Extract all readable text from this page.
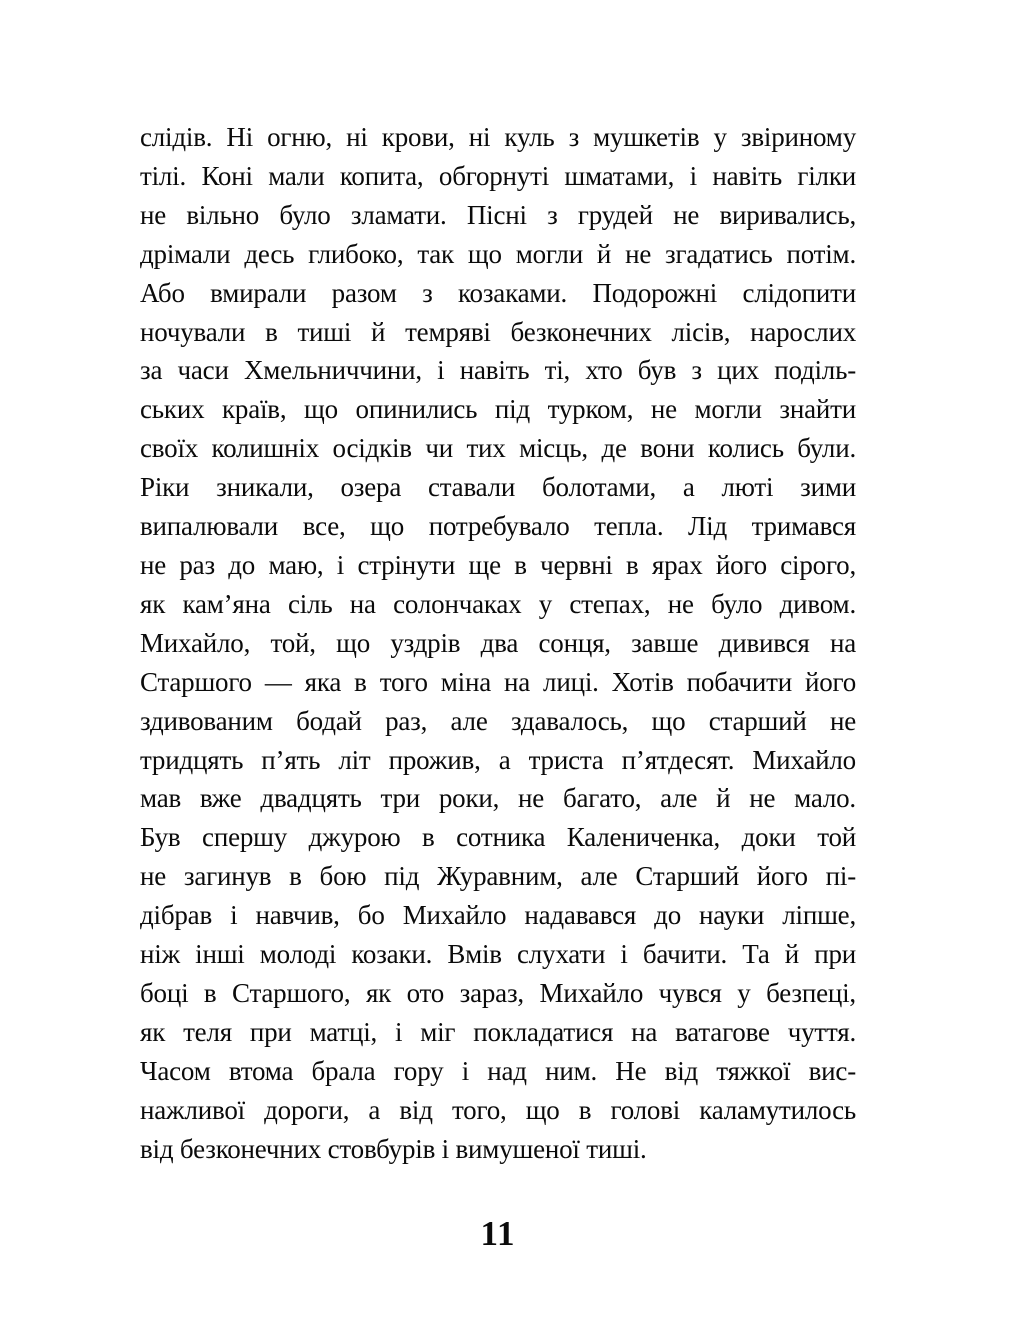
слідів. Ні огню, ні крови, ні куль з мушкетів у звіриному
тілі. Коні мали копита, обгорнуті шматами, і навіть гілки
не вільно було зламати. Пісні з грудей не виривались,
дрімали десь глибоко, так що могли й не згадатись потім.
Або вмирали разом з козаками. Подорожні слідопити
ночували в тиші й темряві безконечних лісів, нарослих
за часи Хмельниччини, і навіть ті, хто був з цих поділь-
ських країв, що опинились під турком, не могли знайти
своїх колишніх осідків чи тих місць, де вони колись були.
Ріки зникали, озера ставали болотами, а люті зими
випалювали все, що потребувало тепла. Лід тримався
не раз до маю, і стрінути ще в червні в ярах його сірого,
як кам’яна сіль на солончаках у степах, не було дивом.
Михайло, той, що уздрів два сонця, завше дивився на
Старшого — яка в того міна на лиці. Хотів побачити його
здивованим бодай раз, але здавалось, що старший не
тридцять п’ять літ прожив, а триста п’ятдесят. Михайло
мав вже двадцять три роки, не багато, але й не мало.
Був спершу джурою в сотника Калениченка, доки той
не загинув в бою під Журавним, але Старший його пі-
дібрав і навчив, бо Михайло надавався до науки ліпше,
ніж інші молоді козаки. Вмів слухати і бачити. Та й при
боці в Старшого, як ото зараз, Михайло чувся у безпеці,
як теля при матці, і міг покладатися на ватагове чуття.
Часом втома брала гору і над ним. Не від тяжкої вис-
нажливої дороги, а від того, що в голові каламутилось
від безконечних стовбурів і вимушеної тиші.
11
